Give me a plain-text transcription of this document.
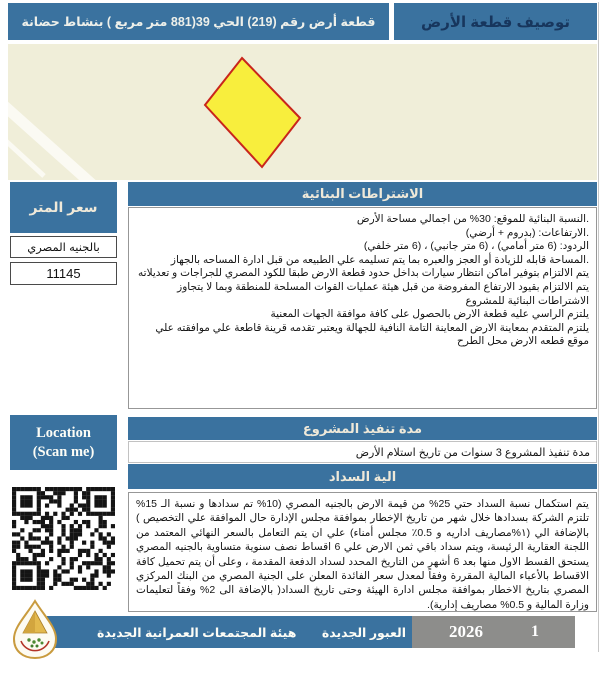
قطعة أرض رقم (219) الحي ‎39(881‎ متر مربع ) بنشاط حضانة	توصيف قطعة الأرض
سعر المتر
بالجنيه المصري
11145
الاشتراطات البنائية
.النسبة البنائية للموقع: 30% من اجمالي مساحة الأرض
.الارتفاعات: (بدروم + أرضي)
الردود: (6 متر أمامي) ، (6 متر جانبي) ، (6 متر خلفي)
.المساحة قابله للزيادة أو العجز والعبره بما يتم تسليمه علي الطبيعه من قبل ادارة المساحه بالجهاز
يتم الالتزام بتوفير اماكن انتظار سيارات بداخل حدود قطعة الارض طبقا للكود المصري للجراجات و تعديلاته
يتم الالتزام بقيود الارتفاع المفروضة من قبل هيئة عمليات القوات المسلحة للمنطقة وبما لا يتجاوز الاشتراطات البنائية للمشروع
يلتزم الراسي عليه قطعة الارض بالحصول على كافة موافقة الجهات المعنية
يلتزم المتقدم بمعاينة الارض المعاينة التامة النافية للجهالة ويعتبر تقدمه قرينة قاطعة علي موافقته علي موقع قطعه الارض محل الطرح
Location
(Scan me)
مدة تنفيذ المشروع
مدة تنفيذ المشروع 3 سنوات من تاريخ استلام الأرض
الية السداد
يتم استكمال نسبة السداد حتي 25% من قيمة الارض بالجنيه المصري (10% تم سدادها و نسبة الـ 15% تلتزم الشركة بسدادها خلال شهر من تاريخ الإخطار بموافقة مجلس الإدارة حال الموافقة علي التخصيص ) بالإضافة الي (١%مصاريف اداريه و 0.5٪ مجلس أمناء) علي ان يتم التعامل بالسعر النهائي المعتمد من اللجنة العقارية الرئيسة، ويتم سداد باقي ثمن الارض علي 6 اقساط نصف سنوية متساوية بالجنيه المصري يستحق القسط الاول منها بعد 6 أشهر من التاريخ المحدد لسداد الدفعة المقدمة ، وعلى أن يتم تحميل كافة الاقساط بالأعباء المالية المقررة وفقاً لمعدل سعر الفائدة المعلن على الجنية المصري من البنك المركزي المصري بتاريخ الاخطار بموافقة مجلس ادارة الهيئة وحتى تاريخ السداد( بالإضافة الى 2% وفقاً لتعليمات وزارة المالية و 0.5% مصاريف إدارية).
هيئة المجتمعات العمرانية الجديدة العبور الجديدة	2026	1
